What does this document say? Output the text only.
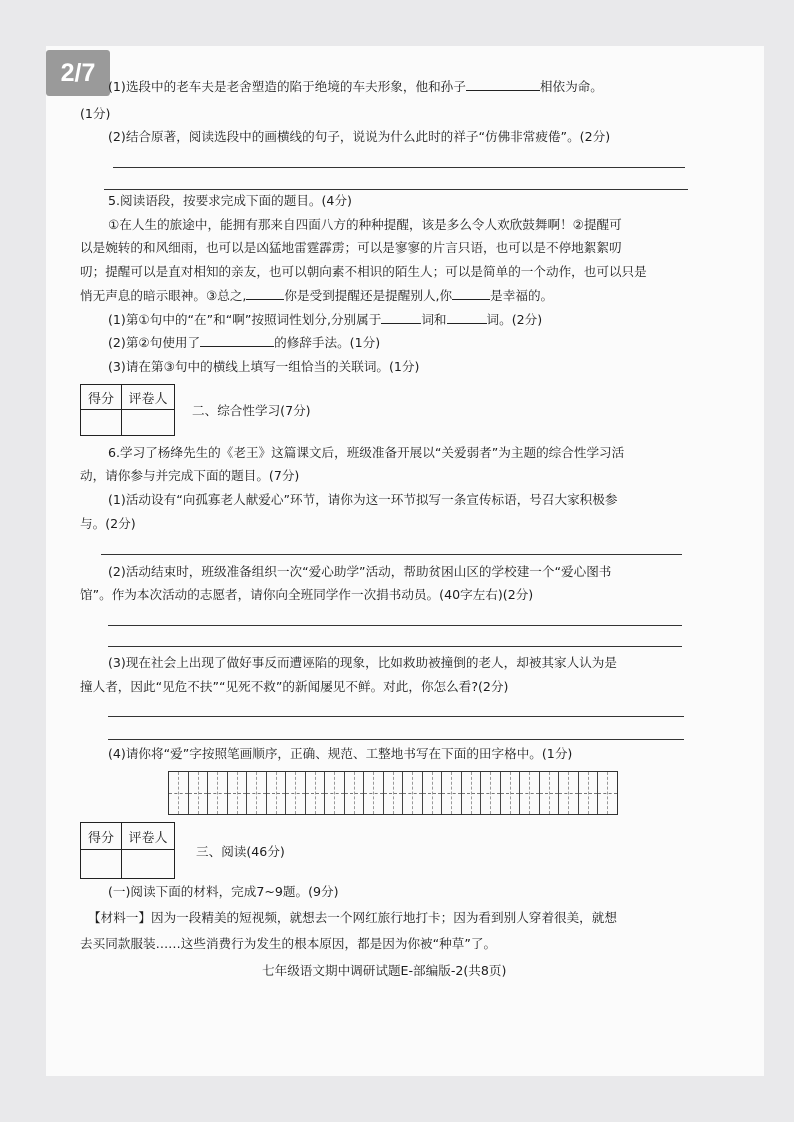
2/7	(1)选段中的老车夫是老舍塑造的陷于绝境的车夫形象，他和孙子	相依为命。
(1分)
(2)结合原著，阅读选段中的画横线的句子，说说为什么此时的祥子“仿佛非常疲倦”。(2分)
5.阅读语段，按要求完成下面的题目。(4分)
①在人生的旅途中，能拥有那来自四面八方的种种提醒，该是多么令人欢欣鼓舞啊！②提醒可
以是婉转的和风细雨，也可以是凶猛地雷霆霹雳；可以是寥寥的片言只语，也可以是不停地絮絮叨
叨；提醒可以是直对相知的亲友，也可以朝向素不相识的陌生人；可以是简单的一个动作，也可以只是
悄无声息的暗示眼神。③总之,	你是受到提醒还是提醒别人,你	是幸福的。
(1)第①句中的“在”和“啊”按照词性划分,分别属于	词和	词。(2分)
(2)第②句使用了	的修辞手法。(1分)
(3)请在第③句中的横线上填写一组恰当的关联词。(1分)
得分	评卷人

二、综合性学习(7分)
6.学习了杨绛先生的《老王》这篇课文后，班级准备开展以“关爱弱者”为主题的综合性学习活
动，请你参与并完成下面的题目。(7分)
(1)活动设有“向孤寡老人献爱心”环节，请你为这一环节拟写一条宣传标语，号召大家积极参
与。(2分)
(2)活动结束时，班级准备组织一次“爱心助学”活动，帮助贫困山区的学校建一个“爱心图书
馆”。作为本次活动的志愿者，请你向全班同学作一次捐书动员。(40字左右)(2分)
(3)现在社会上出现了做好事反而遭诬陷的现象，比如救助被撞倒的老人，却被其家人认为是
撞人者，因此“见危不扶”“见死不救”的新闻屡见不鲜。对此，你怎么看?(2分)
(4)请你将“爱”字按照笔画顺序，正确、规范、工整地书写在下面的田字格中。(1分)
得分	评卷人

三、阅读(46分)
(一)阅读下面的材料，完成7~9题。(9分)
【材料一】因为一段精美的短视频，就想去一个网红旅行地打卡；因为看到别人穿着很美，就想
去买同款服装……这些消费行为发生的根本原因，都是因为你被“种草”了。
七年级语文期中调研试题E-部编版-2(共8页)
